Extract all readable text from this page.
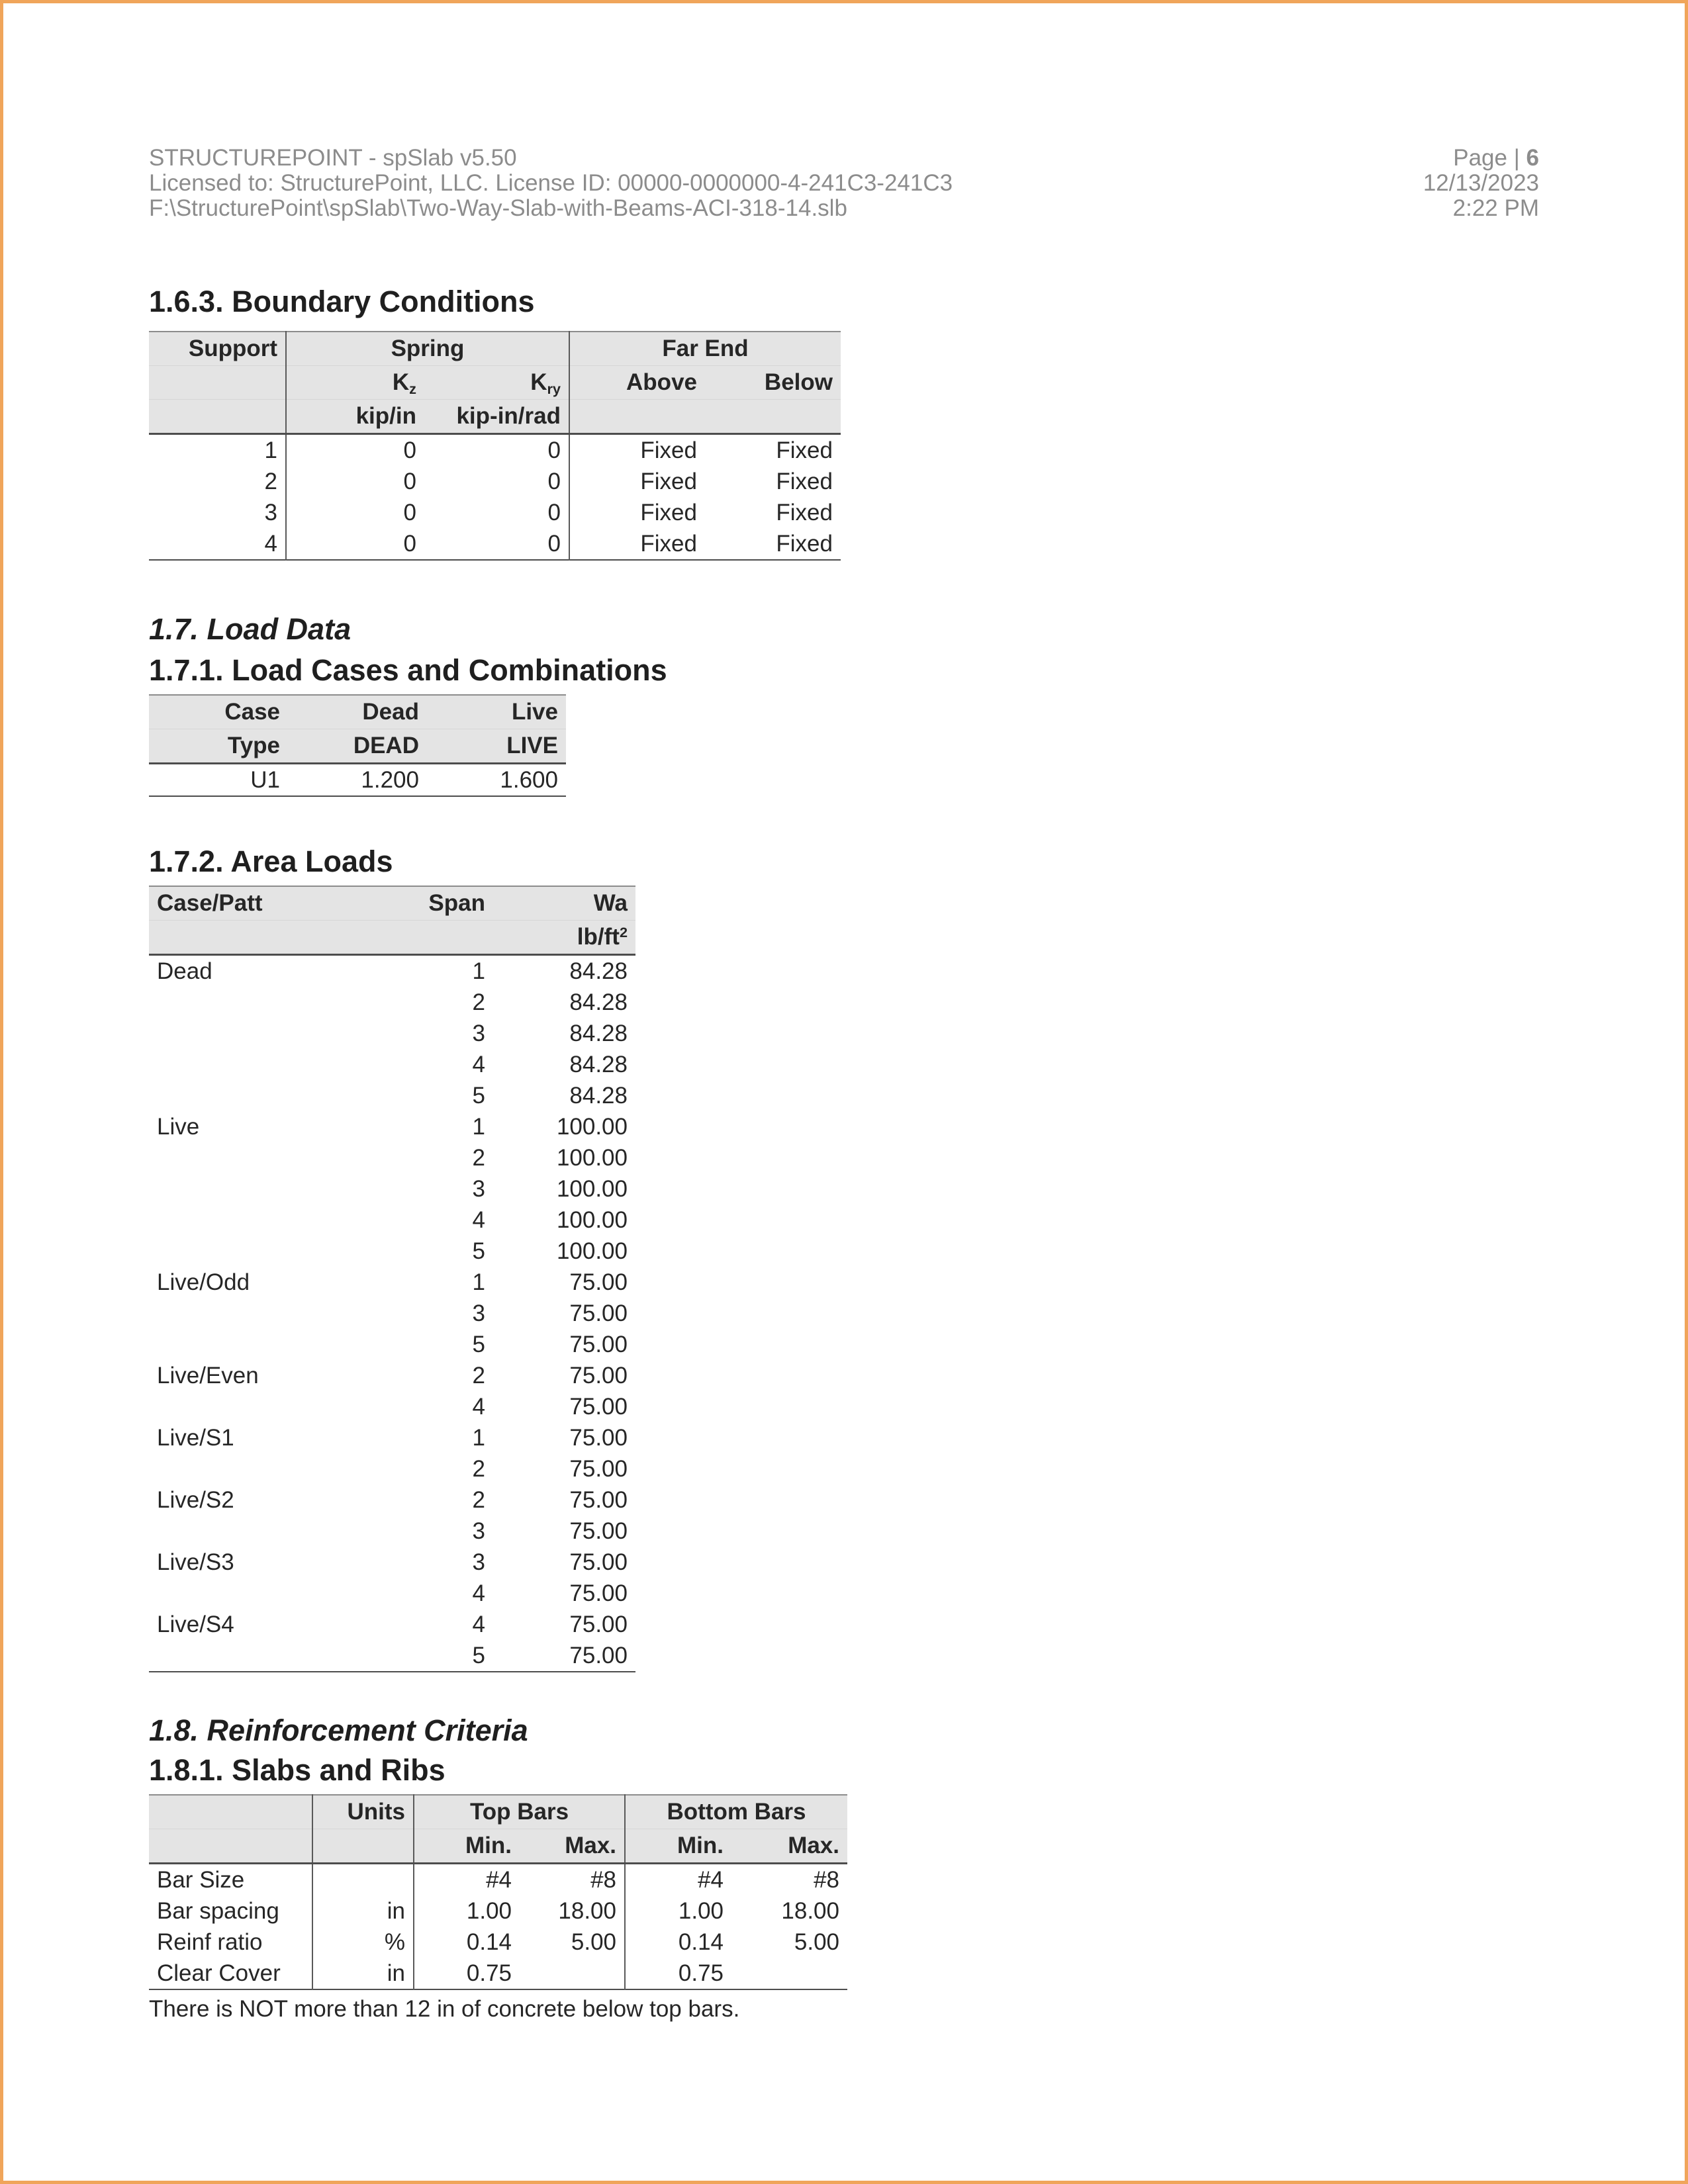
STRUCTUREPOINT - spSlab v5.50
Licensed to: StructurePoint, LLC. License ID: 00000-0000000-4-241C3-241C3
F:\StructurePoint\spSlab\Two-Way-Slab-with-Beams-ACI-318-14.slb
Page | 6
12/13/2023
2:22 PM
1.6.3. Boundary Conditions
Support	Spring		Far End	
	$K_z$	$K_{ry}$	Above	Below
	kip/in	kip-in/rad		
1	0	0	Fixed	Fixed
2	0	0	Fixed	Fixed
3	0	0	Fixed	Fixed
4	0	0	Fixed	Fixed
1.7. Load Data
1.7.1. Load Cases and Combinations
Case	Dead	Live
Type	DEAD	LIVE
U1	1.200	1.600
1.7.2. Area Loads
Case/Patt	Span	Wa
		$lb/ft^2$
Dead	1	84.28
	2	84.28
	3	84.28
	4	84.28
	5	84.28
Live	1	100.00
	2	100.00
	3	100.00
	4	100.00
	5	100.00
Live/Odd	1	75.00
	3	75.00
	5	75.00
Live/Even	2	75.00
	4	75.00
Live/S1	1	75.00
	2	75.00
Live/S2	2	75.00
	3	75.00
Live/S3	3	75.00
	4	75.00
Live/S4	4	75.00
	5	75.00
1.8. Reinforcement Criteria
1.8.1. Slabs and Ribs
	Units	Top Bars		Bottom Bars	
		Min.	Max.	Min.	Max.
Bar Size		#4	#8	#4	#8
Bar spacing	in	1.00	18.00	1.00	18.00
Reinf ratio	%	0.14	5.00	0.14	5.00
Clear Cover	in	0.75		0.75	
There is NOT more than 12 in of concrete below top bars.
